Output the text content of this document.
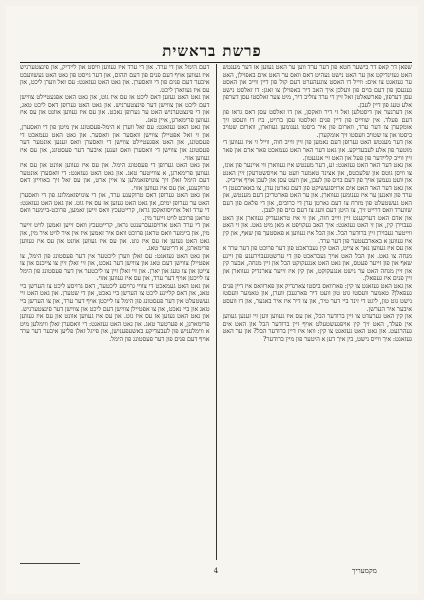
פרשת בראשית

שפאן דר קאפ דר בישער חטא פון דער ערד ווען ער האט געזען אז דער מענטש האט געזינדיקט און ער האט נישט געהיט דאס וואס ער האט אים באפוילן, האט ער געזאגט צו אים: ווייל דו האסט צוגעהערט דעם קול פון דיין ווייב און האסט געגעסן פון דעם בוים פון וועלכן איך האב דיר באפוילן צו זאגן: דו זאלסט נישט עסן דערפון, פארשאלטן זאל זיין די ערד צוליב דיר, מיט צער זאלסטו עסן דערפון אלע טעג פון דיין לעבן.

און דערנער און דיסטלען זאל זי דיר וואקסן, און דו זאלסט עסן דאס גראז פון דעם פעלד. אין שווייס פון דיין פנים זאלסטו עסן ברויט, ביז דו וועסט זיך אומקערן צו דער ערד, ווארום פון איר ביסטו גענומען געווארן, ווארום שטויב ביסטו און צו שטויב וועסטו זיך אומקערן.

און דער מענטש האט גערופן דעם נאמען פון זיין ווייב חוה, ווייל זי איז געווען די מוטער פון אלע לעבעדיקע. און גאט דער האר האט געמאכט פאר אדם און פאר זיין ווייב קליידער פון פעל און האט זיי אנגעטון.

און גאט דער האר האט געזאגט: זע, דער מענטש איז געווארן ווי איינער פון אונז, צו וויסן גוטס און שלעכטס, און אצינד טאמער וועט ער אויסשטרעקן זיין האנט און וועט נעמען אויך פון דעם בוים פון לעבן, און וועט עסן און לעבן אויף אייביק.

און גאט דער האר האט אים ארויסגעשיקט פון דעם גארטן עדן, צו באארבעטן די ערד פון וואנען ער איז גענומען געווארן. און ער האט פארטריבן דעם מענטש, און האט געשטעלט פון מזרח צו דעם גארטן עדן די כרובים, און די פלאם פון דעם שווערד וואס דרייט זיך, צו היטן דעם וועג צו דעם בוים פון לעבן.

און אדם האט דערקענט זיין ווייב חוה, און זי איז טראגעדיק געווארן און האט געבוירן קין, און זי האט געזאגט: איך האב געקויפט א מאן מיט גאט. און זי האט ווייטער געבוירן זיין ברודער הבל. און הבל איז געווען א פאסטעך פון שאף, און קין איז געווען א באארבעטער פון דער ערד.

און עס איז געווען נאך א צייט, האט קין געבראכט פון דער פרוכט פון דער ערד א מנחה צו גאט. און הבל האט אויך געבראכט פון די ערשטגעבוירענע פון זיינע שאף און פון זייער פעטס, און גאט האט אנגעקוקט הבל און זיין מנחה, אבער קין און זיין מנחה האט ער נישט אנגעקוקט, און קין איז זייער צארנדיק געווארן און זיין פנים איז געפאלן.

און גאט האט געזאגט צו קין: פארוואס ביסטו צארנדיק און פארוואס איז דיין פנים געפאלן? טאמער וועסטו גוט טון וועט דיר פארגעבן ווערן, און טאמער וועסטו נישט גוט טון, ליגט די זינד ביי דער טיר, און צו דיר איז איר באגער, און דו וועסט איבער איר הערשן.

און קין האט גערעדט צו זיין ברודער הבל, און עס איז געווען ווען זיי זענען געווען אין פעלד, האט זיך קין אויפגעשטעלט אויף זיין ברודער הבל און האט אים געהרגעט. און גאט האט געזאגט צו קין: וואו איז דיין ברודער הבל? און ער האט געזאגט: איך ווייס נישט, בין איך דען א היטער פון מיין ברודער?

דעם הימל און די ערד. און די ערד איז געווען וויסט און ליידיק, און פינצטערניש איז געווען אויף דעם פנים פון דעם תהום, און דער גייסט פון גאט האט געשוועבט איבער דעם פנים פון די וואסערן. און גאט האט געזאגט: עס זאל ווערן ליכט, און עס איז געווארן ליכט.

און גאט האט געזען דאס ליכט אז עס איז גוט, און גאט האט אפגעטיילט צווישן דעם ליכט און צווישן דער פינצטערניש. און גאט האט גערופן דאס ליכט טאג, און די פינצטערניש האט ער גערופן נאכט. און עס איז געווען אוונט און עס איז געווען פרימארגן, איין טאג.

און גאט האט געזאגט: עס זאל ווערן א הימל-פעסטונג אין מיטן פון די וואסערן, און זי זאל אפטיילן צווישן וואסער און וואסער. און גאט האט געמאכט די פעסטונג, און האט אפגעטיילט צווישן די וואסערן וואס זענען אונטער דער פעסטונג און צווישן די וואסערן וואס זענען איבער דער פעסטונג, און עס איז געווען אזוי.

און גאט האט גערופן די פעסטונג הימל. און עס איז געווען אוונט און עס איז געווען פרימארגן, א צווייטער טאג. און גאט האט געזאגט: די וואסערן אונטער דעם הימל זאלן זיך צונויפזאמלען צו איין ארט, און עס זאל זיך באווייזן דאס טרוקענע, און עס איז געווען אזוי.

און גאט האט גערופן דאס טרוקענע ערד, און די צונויפזאמלונג פון די וואסערן האט ער גערופן ימים, און גאט האט געזען אז עס איז גוט. און גאט האט געזאגט: די ערד זאל ארויסוואקסן גראז, קרייטעכץ וואס זייען זאמען, פרוכט-ביימער וואס טראגן פרוכט לויט זייער מין.

און די ערד האט ארויסגעברענגט גראז, קרייטעכץ וואס זייען זאמען לויט זייער מין, און ביימער וואס טראגן פרוכט וואס איר זאמען איז אין איר לויט איר מין, און גאט האט געזען אז עס איז גוט. און עס איז געווען אוונט און עס איז געווען פרימארגן, א דריטער טאג.

און גאט האט געזאגט: עס זאלן ווערן ליכטער אין דער פעסטונג פון הימל, צו אפטיילן צווישן דעם טאג און צווישן דער נאכט, און זיי זאלן זיין צו צייכנס און צו צייטן און צו טעג און יארן. און זיי זאלן זיין צו ליכטער אין דער פעסטונג פון הימל צו לייכטן אויף דער ערד, און עס איז געווען אזוי.

און גאט האט געמאכט די צוויי גרויסע ליכטער, דאס גרויסע ליכט צו הערשן ביי טאג, און דאס קליינע ליכט צו הערשן ביי נאכט, און די שטערן. און גאט האט זיי געשטעלט אין דער פעסטונג פון הימל צו לייכטן אויף דער ערד, און צו הערשן ביי טאג און ביי נאכט, און צו אפטיילן צווישן דעם ליכט און צווישן דער פינצטערניש.

און גאט האט געזען אז עס איז גוט. און עס איז געווען אוונט און עס איז געווען פרימארגן, א פערטער טאג. און גאט האט געזאגט: די וואסערן זאלן ווימלען מיט א ווימלעניש פון לעבעדיקע באשעפענישן, און פייגל זאלן פליען איבער דער ערד אויף דעם פנים פון דער פעסטונג פון הימל.

4	מקמעריך
